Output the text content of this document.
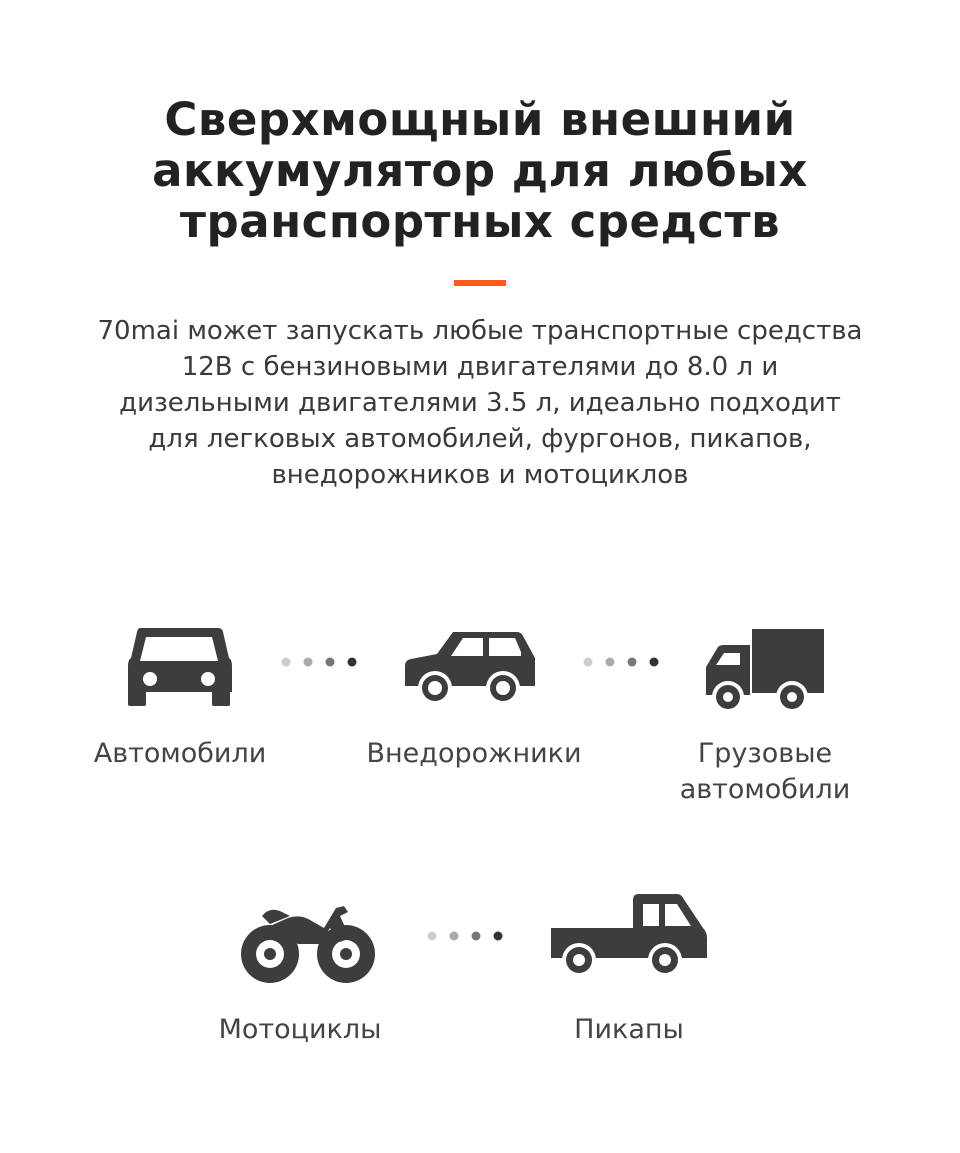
Сверхмощный внешний
аккумулятор для любых
транспортных средств

70mai может запускать любые транспортные средства
12В с бензиновыми двигателями до 8.0 л и
дизельными двигателями 3.5 л, идеально подходит
для легковых автомобилей, фургонов, пикапов,
внедорожников и мотоциклов

Автомобили	Внедорожники	Грузовые
автомобили

Мотоциклы	Пикапы
